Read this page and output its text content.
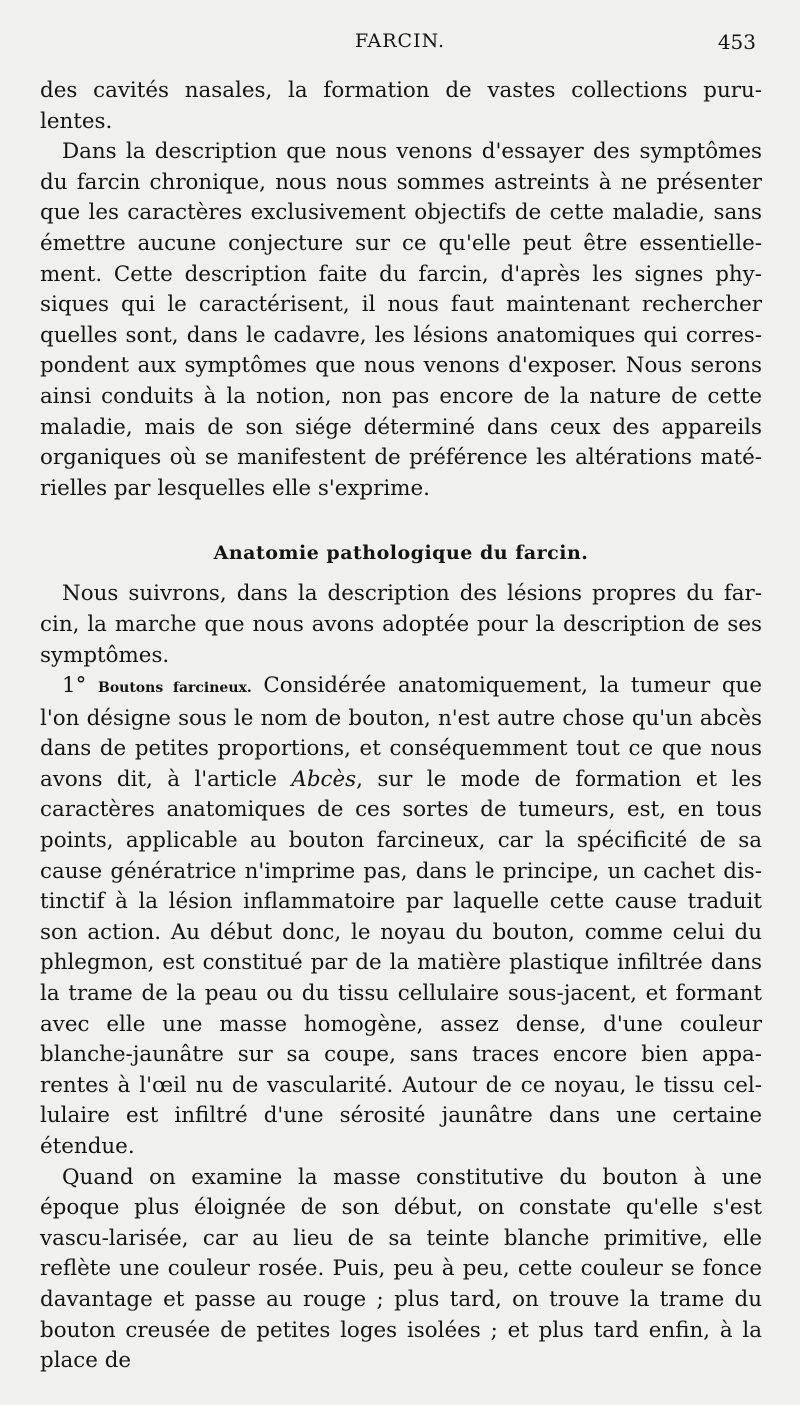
FARCIN.	453

des cavités nasales, la formation de vastes collections puru-lentes.

Dans la description que nous venons d'essayer des symptômes du farcin chronique, nous nous sommes astreints à ne présenter que les caractères exclusivement objectifs de cette maladie, sans émettre aucune conjecture sur ce qu'elle peut être essentielle-ment. Cette description faite du farcin, d'après les signes phy-siques qui le caractérisent, il nous faut maintenant rechercher quelles sont, dans le cadavre, les lésions anatomiques qui corres-pondent aux symptômes que nous venons d'exposer. Nous serons ainsi conduits à la notion, non pas encore de la nature de cette maladie, mais de son siége déterminé dans ceux des appareils organiques où se manifestent de préférence les altérations maté-rielles par lesquelles elle s'exprime.

Anatomie pathologique du farcin.

Nous suivrons, dans la description des lésions propres du far-cin, la marche que nous avons adoptée pour la description de ses symptômes.

1° Boutons farcineux. Considérée anatomiquement, la tumeur que l'on désigne sous le nom de bouton, n'est autre chose qu'un abcès dans de petites proportions, et conséquemment tout ce que nous avons dit, à l'article Abcès, sur le mode de formation et les caractères anatomiques de ces sortes de tumeurs, est, en tous points, applicable au bouton farcineux, car la spécificité de sa cause génératrice n'imprime pas, dans le principe, un cachet dis-tinctif à la lésion inflammatoire par laquelle cette cause traduit son action. Au début donc, le noyau du bouton, comme celui du phlegmon, est constitué par de la matière plastique infiltrée dans la trame de la peau ou du tissu cellulaire sous-jacent, et formant avec elle une masse homogène, assez dense, d'une couleur blanche-jaunâtre sur sa coupe, sans traces encore bien appa-rentes à l'œil nu de vascularité. Autour de ce noyau, le tissu cel-lulaire est infiltré d'une sérosité jaunâtre dans une certaine étendue.

Quand on examine la masse constitutive du bouton à une époque plus éloignée de son début, on constate qu'elle s'est vascu-larisée, car au lieu de sa teinte blanche primitive, elle reflète une couleur rosée. Puis, peu à peu, cette couleur se fonce davantage et passe au rouge ; plus tard, on trouve la trame du bouton creusée de petites loges isolées ; et plus tard enfin, à la place de
